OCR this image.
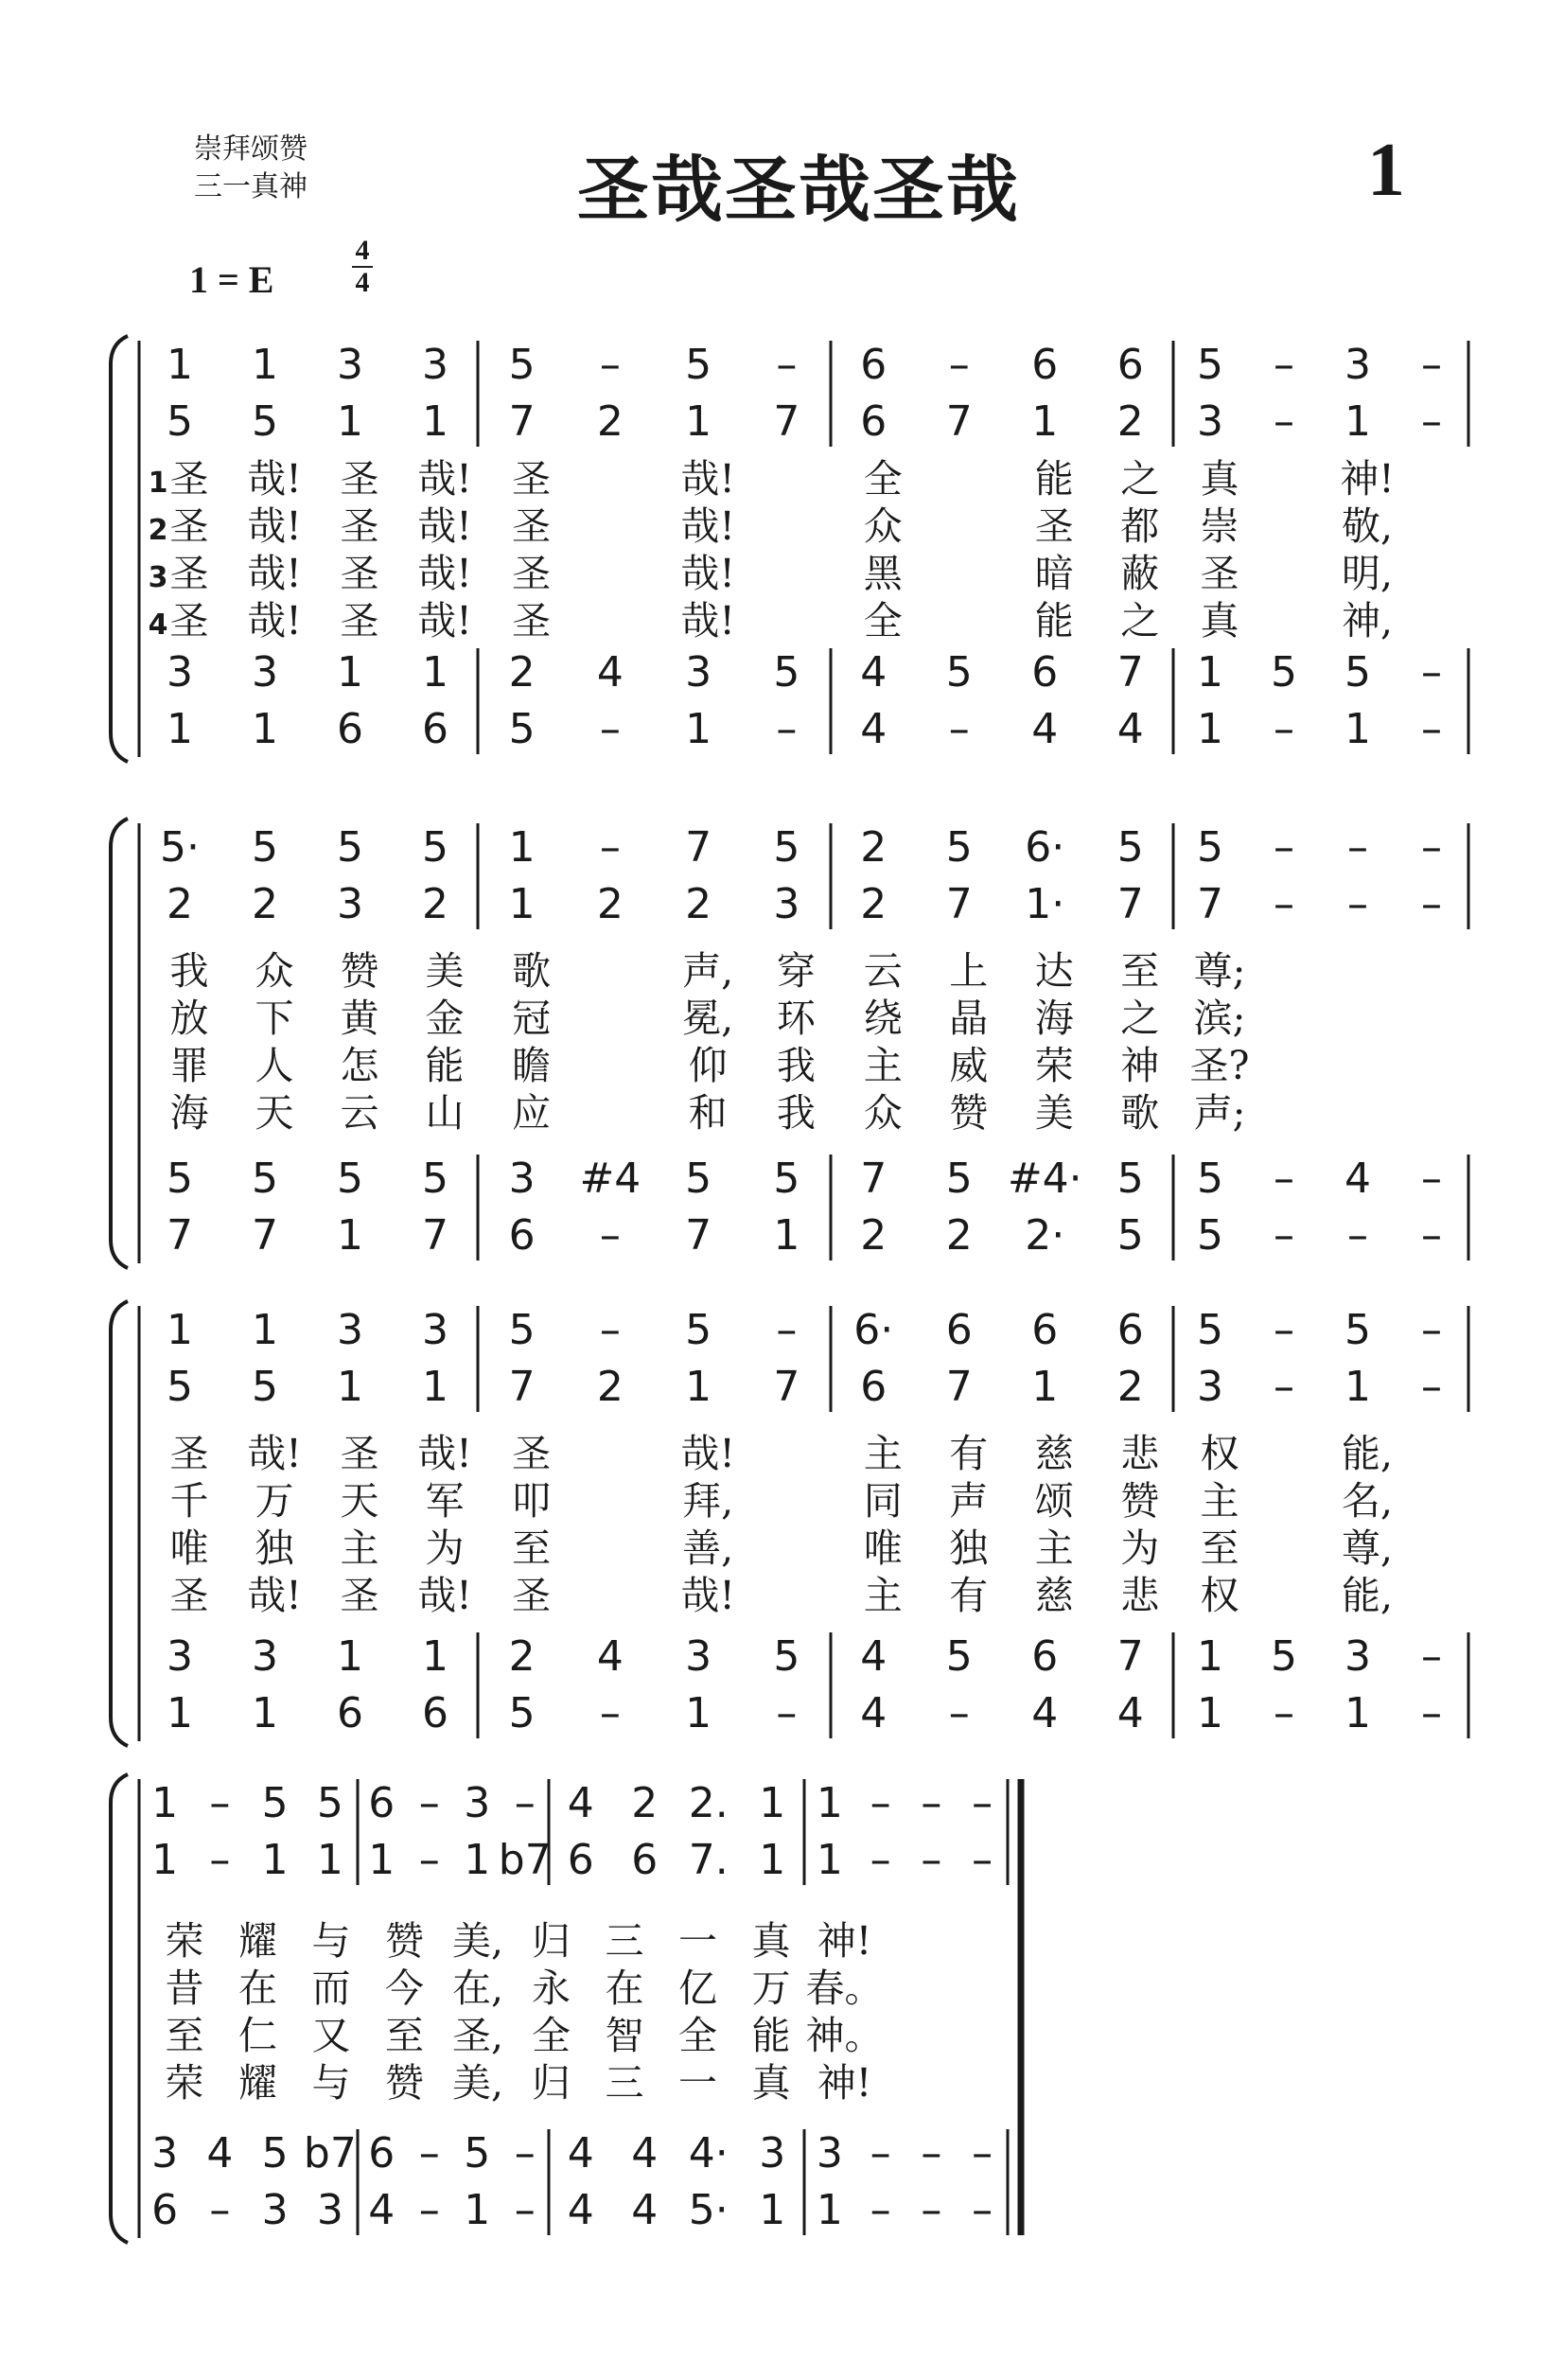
崇拜颂赞
三一真神	圣哉圣哉圣哉	1
1 = E
4
4
1 1 3 3 5 – 5 – 6 – 6 6 5 – 3 –
5 5 1 1 7 2 1 7 6 7 1 2 3 – 1 –
3 3 1 1 2 4 3 5 4 5 6 7 1 5 5 –
1 1 6 6 5 – 1 – 4 – 4 4 1 – 1 –
1
2
3
4
圣 哉! 圣 哉! 圣	哉!	全	能 之 真	神!
圣 哉! 圣 哉! 圣	哉!	众	圣 都 崇	敬,
圣 哉! 圣 哉! 圣	哉!	黑	暗 蔽 圣	明,
圣 哉! 圣 哉! 圣	哉!	全	能 之 真	神,
5· 5 5 5 1 – 7 5 2 5 6· 5 5 – – –
2 2 3 2 1 2 2 3 2 7 1· 7 7 – – –
5 5 5 5 3 #4 5 5 7 5 #4· 5 5 – 4 –
7 7 1 7 6 – 7 1 2 2 2· 5 5 – – –
我 众 赞 美 歌	声, 穿 云 上 达 至 尊;
放 下 黄 金 冠	冕, 环 绕 晶 海 之 滨;
罪 人 怎 能 瞻	仰 我 主 威 荣 神 圣?
海 天 云 山 应	和 我 众 赞 美 歌 声;
1 1 3 3 5 – 5 – 6· 6 6 6 5 – 5 –
5 5 1 1 7 2 1 7 6 7 1 2 3 – 1 –
3 3 1 1 2 4 3 5 4 5 6 7 1 5 3 –
1 1 6 6 5 – 1 – 4 – 4 4 1 – 1 –
圣 哉! 圣 哉! 圣	哉!	主 有 慈 悲 权	能,
千 万 天 军 叩	拜,	同 声 颂 赞 主	名,
唯 独 主 为 至	善,	唯 独 主 为 至	尊,
圣 哉! 圣 哉! 圣	哉!	主 有 慈 悲 权	能,
1 – 5 5 6 – 3 – 4 2 2. 1 1 – – –
1 – 1 1 1 – 1 b7 6 6 7. 1 1 – – –
3 4 5 b7 6 – 5 – 4 4 4· 3 3 – – –
6 – 3 3 4 – 1 – 4 4 5· 1 1 – – –
荣 耀 与 赞 美, 归 三 一 真 神!
昔 在 而 今 在, 永 在 亿 万 春。
至 仁 又 至 圣, 全 智 全 能 神。
荣 耀 与 赞 美, 归 三 一 真 神!
